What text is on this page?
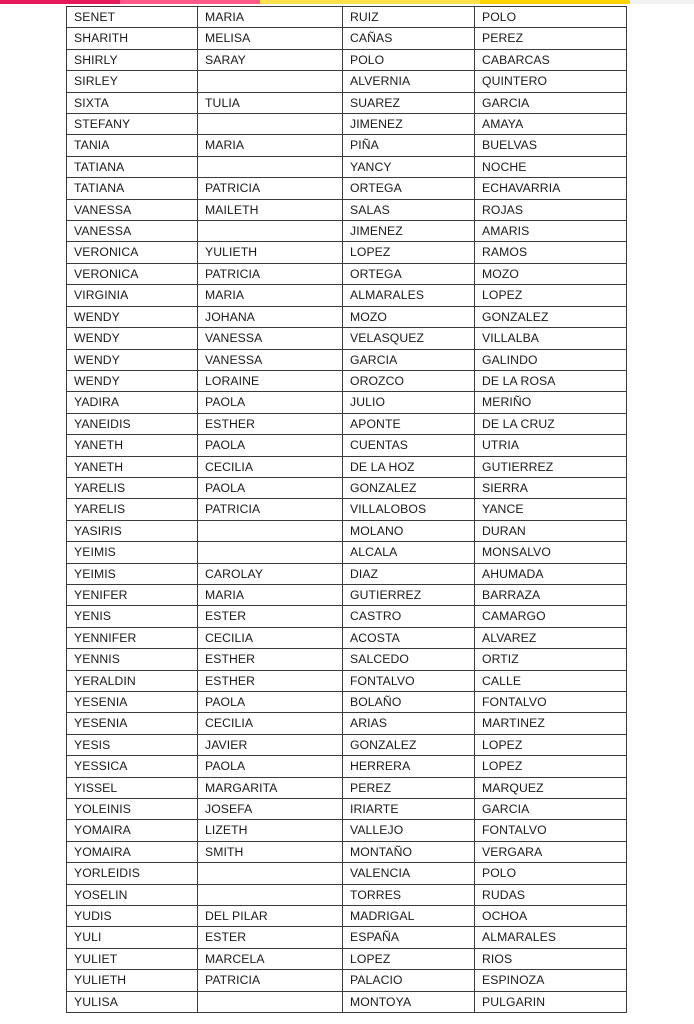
SENET	MARIA	RUIZ	POLO
SHARITH	MELISA	CAÑAS	PEREZ
SHIRLY	SARAY	POLO	CABARCAS
SIRLEY		ALVERNIA	QUINTERO
SIXTA	TULIA	SUAREZ	GARCIA
STEFANY		JIMENEZ	AMAYA
TANIA	MARIA	PIÑA	BUELVAS
TATIANA		YANCY	NOCHE
TATIANA	PATRICIA	ORTEGA	ECHAVARRIA
VANESSA	MAILETH	SALAS	ROJAS
VANESSA		JIMENEZ	AMARIS
VERONICA	YULIETH	LOPEZ	RAMOS
VERONICA	PATRICIA	ORTEGA	MOZO
VIRGINIA	MARIA	ALMARALES	LOPEZ
WENDY	JOHANA	MOZO	GONZALEZ
WENDY	VANESSA	VELASQUEZ	VILLALBA
WENDY	VANESSA	GARCIA	GALINDO
WENDY	LORAINE	OROZCO	DE LA ROSA
YADIRA	PAOLA	JULIO	MERIÑO
YANEIDIS	ESTHER	APONTE	DE LA CRUZ
YANETH	PAOLA	CUENTAS	UTRIA
YANETH	CECILIA	DE LA HOZ	GUTIERREZ
YARELIS	PAOLA	GONZALEZ	SIERRA
YARELIS	PATRICIA	VILLALOBOS	YANCE
YASIRIS		MOLANO	DURAN
YEIMIS		ALCALA	MONSALVO
YEIMIS	CAROLAY	DIAZ	AHUMADA
YENIFER	MARIA	GUTIERREZ	BARRAZA
YENIS	ESTER	CASTRO	CAMARGO
YENNIFER	CECILIA	ACOSTA	ALVAREZ
YENNIS	ESTHER	SALCEDO	ORTIZ
YERALDIN	ESTHER	FONTALVO	CALLE
YESENIA	PAOLA	BOLAÑO	FONTALVO
YESENIA	CECILIA	ARIAS	MARTINEZ
YESIS	JAVIER	GONZALEZ	LOPEZ
YESSICA	PAOLA	HERRERA	LOPEZ
YISSEL	MARGARITA	PEREZ	MARQUEZ
YOLEINIS	JOSEFA	IRIARTE	GARCIA
YOMAIRA	LIZETH	VALLEJO	FONTALVO
YOMAIRA	SMITH	MONTAÑO	VERGARA
YORLEIDIS		VALENCIA	POLO
YOSELIN		TORRES	RUDAS
YUDIS	DEL PILAR	MADRIGAL	OCHOA
YULI	ESTER	ESPAÑA	ALMARALES
YULIET	MARCELA	LOPEZ	RIOS
YULIETH	PATRICIA	PALACIO	ESPINOZA
YULISA		MONTOYA	PULGARIN
